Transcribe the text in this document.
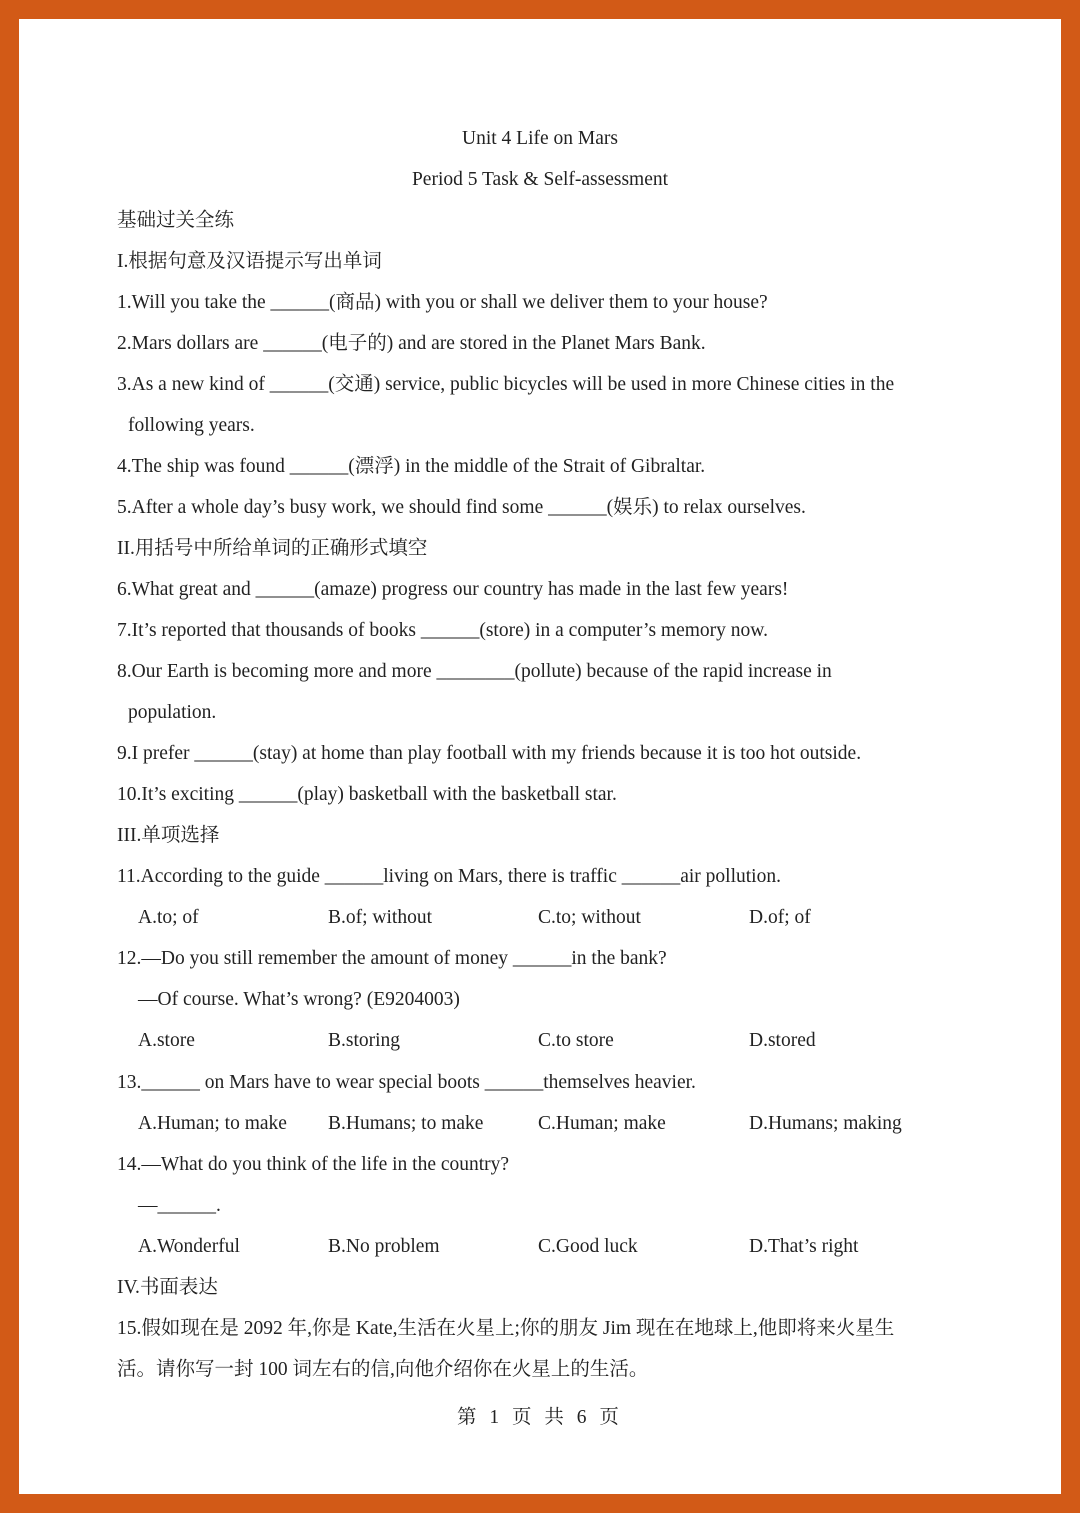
Unit 4 Life on Mars
Period 5 Task & Self-assessment
基础过关全练
I.根据句意及汉语提示写出单词
1.Will you take the ______(商品) with you or shall we deliver them to your house?
2.Mars dollars are ______(电子的) and are stored in the Planet Mars Bank.
3.As a new kind of ______(交通) service, public bicycles will be used in more Chinese cities in the
following years.
4.The ship was found ______(漂浮) in the middle of the Strait of Gibraltar.
5.After a whole day’s busy work, we should find some ______(娱乐) to relax ourselves.
II.用括号中所给单词的正确形式填空
6.What great and ______(amaze) progress our country has made in the last few years!
7.It’s reported that thousands of books ______(store) in a computer’s memory now.
8.Our Earth is becoming more and more ________(pollute) because of the rapid increase in
population.
9.I prefer ______(stay) at home than play football with my friends because it is too hot outside.
10.It’s exciting ______(play) basketball with the basketball star.
III.单项选择
11.According to the guide ______living on Mars, there is traffic ______air pollution.
A.to; of	B.of; without	C.to; without	D.of; of
12.—Do you still remember the amount of money ______in the bank?
—Of course. What’s wrong? (E9204003)
A.store	B.storing	C.to store	D.stored
13.______ on Mars have to wear special boots ______themselves heavier.
A.Human; to make B.Humans; to make	C.Human; make	D.Humans; making
14.—What do you think of the life in the country?
—______.
A.Wonderful	B.No problem	C.Good luck	D.That’s right
IV.书面表达
15.假如现在是 2092 年,你是 Kate,生活在火星上;你的朋友 Jim 现在在地球上,他即将来火星生
活。请你写一封 100 词左右的信,向他介绍你在火星上的生活。
第 1 页 共 6 页
